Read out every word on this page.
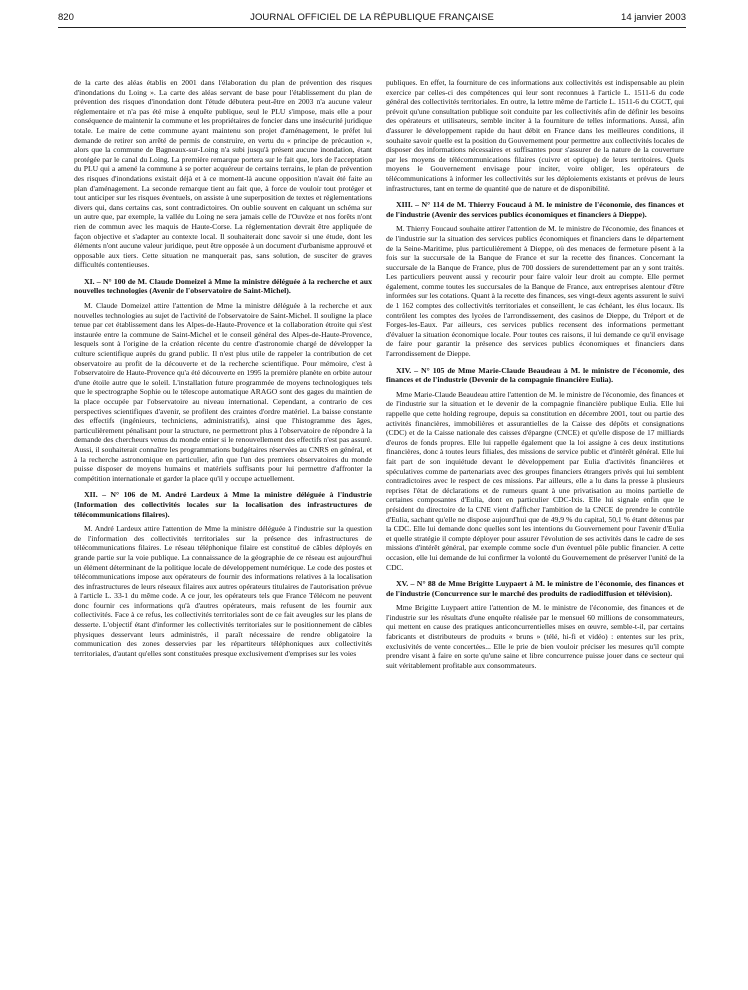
820	JOURNAL OFFICIEL DE LA RÉPUBLIQUE FRANÇAISE	14 janvier 2003

de la carte des aléas établis en 2001 dans l'élaboration du plan de prévention des risques d'inondations du Loing ». La carte des aléas servant de base pour l'établissement du plan de prévention des risques d'inondation dont l'étude débutera peut-être en 2003 n'a aucune valeur réglementaire et n'a pas été mise à enquête publique, seul le PLU s'impose, mais elle a pour conséquence de maintenir la commune et les propriétaires de foncier dans une insécurité juridique totale. Le maire de cette commune ayant maintenu son projet d'aménagement, le préfet lui demande de retirer son arrêté de permis de construire, en vertu du « principe de précaution », alors que la commune de Bagneaux-sur-Loing n'a subi jusqu'à présent aucune inondation, étant protégée par le canal du Loing. La première remarque portera sur le fait que, lors de l'acceptation du PLU qui a amené la commune à se porter acquéreur de certains terrains, le plan de prévention des risques d'inondations existait déjà et à ce moment-là aucune opposition n'avait été faite au plan d'aménagement. La seconde remarque tient au fait que, à force de vouloir tout protéger et tout anticiper sur les risques éventuels, on assiste à une superposition de textes et réglementations divers qui, dans certains cas, sont contradictoires. On oublie souvent en calquant un schéma sur un autre que, par exemple, la vallée du Loing ne sera jamais celle de l'Ouvèze et nos forêts n'ont rien de commun avec les maquis de Haute-Corse. La réglementation devrait être appliquée de façon objective et s'adapter au contexte local. Il souhaiterait donc savoir si une étude, dont les éléments n'ont aucune valeur juridique, peut être opposée à un document d'urbanisme approuvé et opposable aux tiers. Cette situation ne manquerait pas, sans solution, de susciter de graves difficultés contentieuses.

XI. – N° 100 de M. Claude Domeizel à Mme la ministre déléguée à la recherche et aux nouvelles technologies (Avenir de l'observatoire de Saint-Michel).

M. Claude Domeizel attire l'attention de Mme la ministre déléguée à la recherche et aux nouvelles technologies au sujet de l'activité de l'observatoire de Saint-Michel. Il souligne la place tenue par cet établissement dans les Alpes-de-Haute-Provence et la collaboration étroite qui s'est instaurée entre la commune de Saint-Michel et le conseil général des Alpes-de-Haute-Provence, lesquels sont à l'origine de la création récente du centre d'astronomie chargé de développer la culture scientifique auprès du grand public. Il n'est plus utile de rappeler la contribution de cet observatoire au profit de la découverte et de la recherche scientifique. Pour mémoire, c'est à l'observatoire de Haute-Provence qu'a été découverte en 1995 la première planète en orbite autour d'une étoile autre que le soleil. L'installation future programmée de moyens technologiques tels que le spectrographe Sophie ou le télescope automatique ARAGO sont des gages du maintien de la place occupée par l'observatoire au niveau international. Cependant, a contrario de ces perspectives scientifiques d'avenir, se profilent des craintes d'ordre matériel. La baisse constante des effectifs (ingénieurs, techniciens, administratifs), ainsi que l'histogramme des âges, particulièrement pénalisant pour la structure, ne permettront plus à l'observatoire de répondre à la demande des chercheurs venus du monde entier si le renouvellement des effectifs n'est pas assuré. Aussi, il souhaiterait connaître les programmations budgétaires réservées au CNRS en général, et à la recherche astronomique en particulier, afin que l'un des premiers observatoires du monde puisse disposer de moyens humains et matériels suffisants pour lui permettre d'affronter la compétition internationale et garder la place qu'il y occupe actuellement.

XII. – N° 106 de M. André Lardeux à Mme la ministre déléguée à l'industrie (Information des collectivités locales sur la localisation des infrastructures de télécommunications filaires).

M. André Lardeux attire l'attention de Mme la ministre déléguée à l'industrie sur la question de l'information des collectivités territoriales sur la présence des infrastructures de télécommunications filaires. Le réseau téléphonique filaire est constitué de câbles déployés en grande partie sur la voie publique. La connaissance de la géographie de ce réseau est aujourd'hui un élément déterminant de la politique locale de développement numérique. Le code des postes et télécommunications impose aux opérateurs de fournir des informations relatives à la localisation des infrastructures de leurs réseaux filaires aux autres opérateurs titulaires de l'autorisation prévue à l'article L. 33-1 du même code. A ce jour, les opérateurs tels que France Télécom ne peuvent donc fournir ces informations qu'à d'autres opérateurs, mais refusent de les fournir aux collectivités. Face à ce refus, les collectivités territoriales sont de ce fait aveugles sur les plans de desserte. L'objectif étant d'informer les collectivités territoriales sur le positionnement de câbles physiques desservant leurs administrés, il paraît nécessaire de rendre obligatoire la communication des zones desservies par les répartiteurs téléphoniques aux collectivités territoriales, d'autant qu'elles sont constituées presque exclusivement d'emprises sur les voies

publiques. En effet, la fourniture de ces informations aux collectivités est indispensable au plein exercice par celles-ci des compétences qui leur sont reconnues à l'article L. 1511-6 du code général des collectivités territoriales. En outre, la lettre même de l'article L. 1511-6 du CGCT, qui prévoit qu'une consultation publique soit conduite par les collectivités afin de définir les besoins des opérateurs et utilisateurs, semble inciter à la fourniture de telles informations. Aussi, afin d'assurer le développement rapide du haut débit en France dans les meilleures conditions, il souhaite savoir quelle est la position du Gouvernement pour permettre aux collectivités locales de disposer des informations nécessaires et suffisantes pour s'assurer de la nature de la couverture par les moyens de télécommunications filaires (cuivre et optique) de leurs territoires. Quels moyens le Gouvernement envisage pour inciter, voire obliger, les opérateurs de télécommunications à informer les collectivités sur les déploiements existants et prévus de leurs infrastructures, tant en terme de quantité que de nature et de disponibilité.

XIII. – N° 114 de M. Thierry Foucaud à M. le ministre de l'économie, des finances et de l'industrie (Avenir des services publics économiques et financiers à Dieppe).

M. Thierry Foucaud souhaite attirer l'attention de M. le ministre de l'économie, des finances et de l'industrie sur la situation des services publics économiques et financiers dans le département de la Seine-Maritime, plus particulièrement à Dieppe, où des menaces de fermeture pèsent à la fois sur la succursale de la Banque de France et sur la recette des finances. Concernant la succursale de la Banque de France, plus de 700 dossiers de surendettement par an y sont traités. Les particuliers peuvent aussi y recourir pour faire valoir leur droit au compte. Elle permet également, comme toutes les succursales de la Banque de France, aux entreprises alentour d'être informées sur les cotations. Quant à la recette des finances, ses vingt-deux agents assurent le suivi de 1 162 comptes des collectivités territoriales et conseillent, le cas échéant, les élus locaux. Ils contrôlent les comptes des lycées de l'arrondissement, des casinos de Dieppe, du Tréport et de Forges-les-Eaux. Par ailleurs, ces services publics recensent des informations permettant d'évaluer la situation économique locale. Pour toutes ces raisons, il lui demande ce qu'il envisage de faire pour garantir la présence des services publics économiques et financiers dans l'arrondissement de Dieppe.

XIV. – N° 105 de Mme Marie-Claude Beaudeau à M. le ministre de l'économie, des finances et de l'industrie (Devenir de la compagnie financière Eulia).

Mme Marie-Claude Beaudeau attire l'attention de M. le ministre de l'économie, des finances et de l'industrie sur la situation et le devenir de la compagnie financière publique Eulia. Elle lui rappelle que cette holding regroupe, depuis sa constitution en décembre 2001, tout ou partie des activités financières, immobilières et assurantielles de la Caisse des dépôts et consignations (CDC) et de la Caisse nationale des caisses d'épargne (CNCE) et qu'elle dispose de 17 milliards d'euros de fonds propres. Elle lui rappelle également que la loi assigne à ces deux institutions financières, donc à toutes leurs filiales, des missions de service public et d'intérêt général. Elle lui fait part de son inquiétude devant le développement par Eulia d'activités financières et spéculatives comme de partenariats avec des groupes financiers étrangers privés qui lui semblent contradictoires avec le respect de ces missions. Par ailleurs, elle a lu dans la presse à plusieurs reprises l'état de déclarations et de rumeurs quant à une privatisation au moins partielle de certaines composantes d'Eulia, dont en particulier CDC-Ixis. Elle lui signale enfin que le président du directoire de la CNE vient d'afficher l'ambition de la CNCE de prendre le contrôle d'Eulia, sachant qu'elle ne dispose aujourd'hui que de 49,9 % du capital, 50,1 % étant détenus par la CDC. Elle lui demande donc quelles sont les intentions du Gouvernement pour l'avenir d'Eulia et quelle stratégie il compte déployer pour assurer l'évolution de ses activités dans le cadre de ses missions d'intérêt général, par exemple comme socle d'un éventuel pôle public financier. A cette occasion, elle lui demande de lui confirmer la volonté du Gouvernement de préserver l'unité de la CDC.

XV. – N° 88 de Mme Brigitte Luypaert à M. le ministre de l'économie, des finances et de l'industrie (Concurrence sur le marché des produits de radiodiffusion et télévision).

Mme Brigitte Luypaert attire l'attention de M. le ministre de l'économie, des finances et de l'industrie sur les résultats d'une enquête réalisée par le mensuel 60 millions de consommateurs, qui mettent en cause des pratiques anticoncurrentielles mises en œuvre, semble-t-il, par certains fabricants et distributeurs de produits « bruns » (télé, hi-fi et vidéo) : ententes sur les prix, exclusivités de vente concertées... Elle le prie de bien vouloir préciser les mesures qu'il compte prendre visant à faire en sorte qu'une saine et libre concurrence puisse jouer dans ce secteur qui suit véritablement profitable aux consommateurs.
